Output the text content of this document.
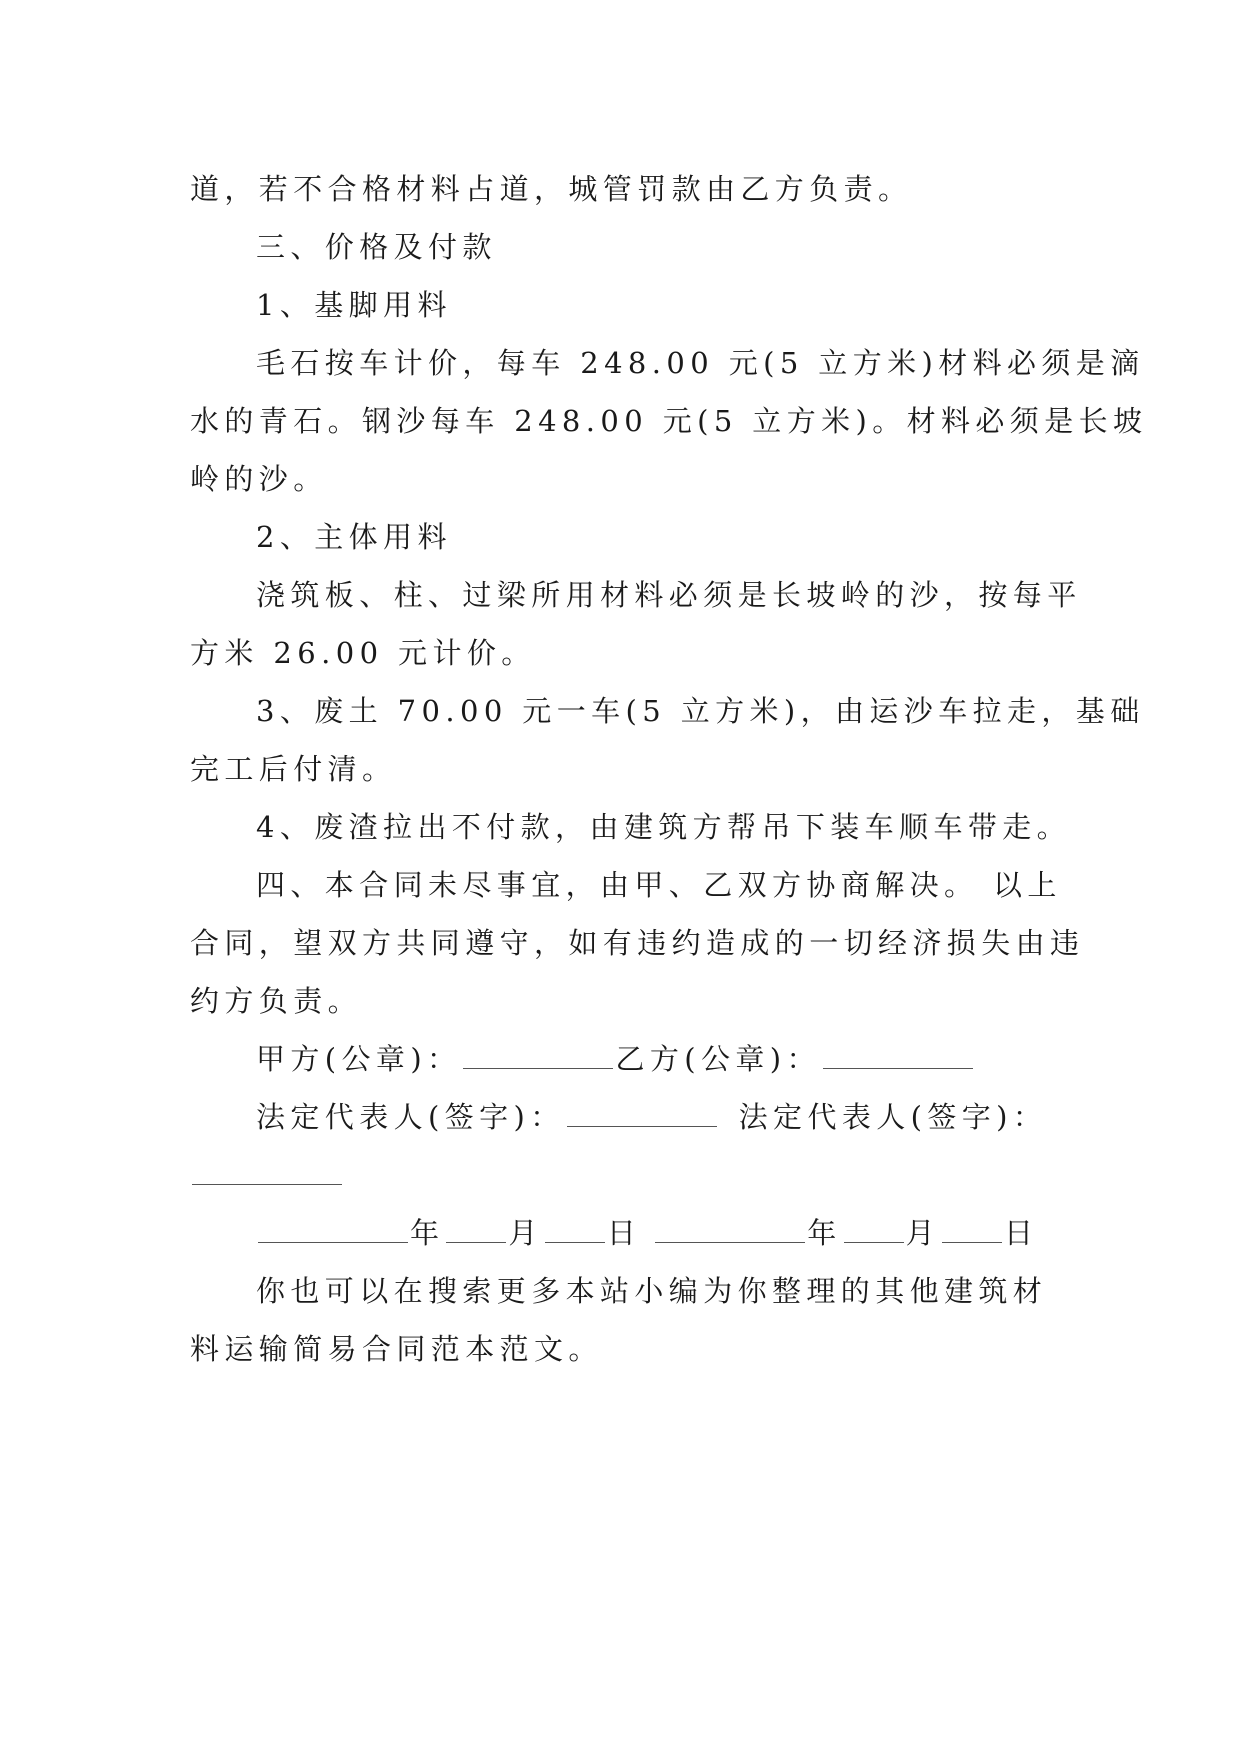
道，若不合格材料占道，城管罚款由乙方负责。
三、价格及付款
1、基脚用料
毛石按车计价，每车 248.00 元(5 立方米)材料必须是滴
水的青石。钢沙每车 248.00 元(5 立方米)。材料必须是长坡
岭的沙。
2、主体用料
浇筑板、柱、过梁所用材料必须是长坡岭的沙，按每平
方米 26.00 元计价。
3、废土 70.00 元一车(5 立方米)，由运沙车拉走，基础
完工后付清。
4、废渣拉出不付款，由建筑方帮吊下装车顺车带走。
四、本合同未尽事宜，由甲、乙双方协商解决。 以上
合同，望双方共同遵守，如有违约造成的一切经济损失由违
约方负责。
甲方(公章)：	乙方(公章)：
法定代表人(签字)：	法定代表人(签字)：
年 月 日	年 月 日
你也可以在搜索更多本站小编为你整理的其他建筑材
料运输简易合同范本范文。
